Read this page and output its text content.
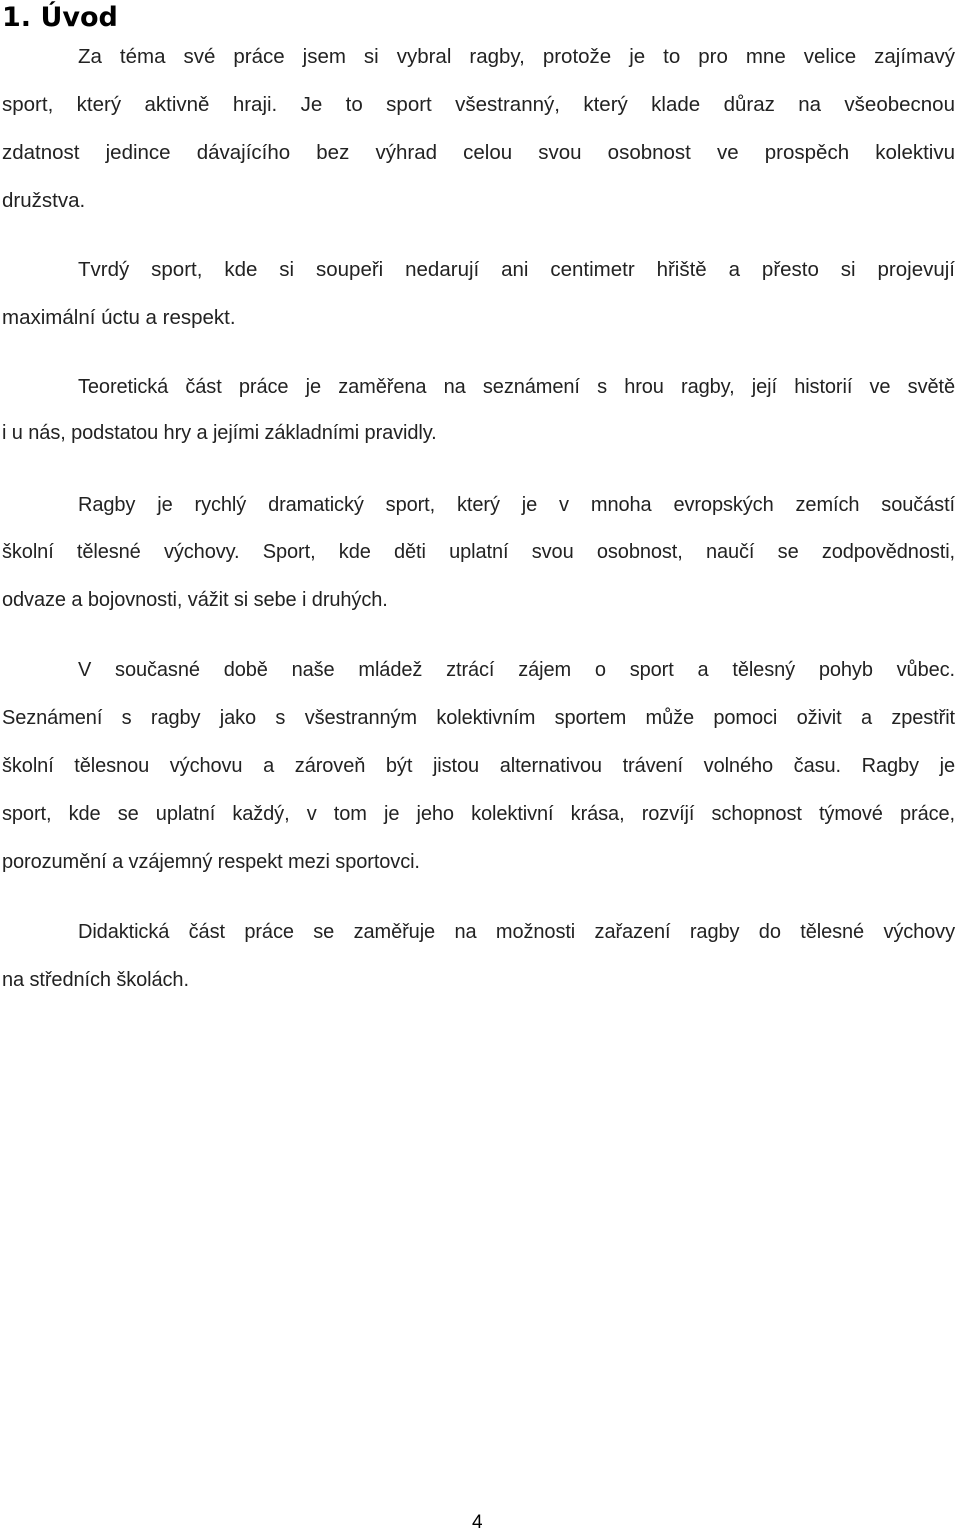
1. Úvod
Za téma své práce jsem si vybral ragby, protože je to pro mne velice zajímavý
sport, který aktivně hraji. Je to sport všestranný, který klade důraz na všeobecnou
zdatnost jedince dávajícího bez výhrad celou svou osobnost ve prospěch kolektivu
družstva.
Tvrdý sport, kde si soupeři nedarují ani centimetr hřiště a přesto si projevují
maximální úctu a respekt.
Teoretická část práce je zaměřena na seznámení s hrou ragby, její historií ve světě
i u nás, podstatou hry a jejími základními pravidly.
Ragby je rychlý dramatický sport, který je v mnoha evropských zemích součástí
školní tělesné výchovy. Sport, kde děti uplatní svou osobnost, naučí se zodpovědnosti,
odvaze a bojovnosti, vážit si sebe i druhých.
V současné době naše mládež ztrácí zájem o sport a tělesný pohyb vůbec.
Seznámení s ragby jako s všestranným kolektivním sportem může pomoci oživit a zpestřit
školní tělesnou výchovu a zároveň být jistou alternativou trávení volného času. Ragby je
sport, kde se uplatní každý, v tom je jeho kolektivní krása, rozvíjí schopnost týmové práce,
porozumění a vzájemný respekt mezi sportovci.
Didaktická část práce se zaměřuje na možnosti zařazení ragby do tělesné výchovy
na středních školách.
4
